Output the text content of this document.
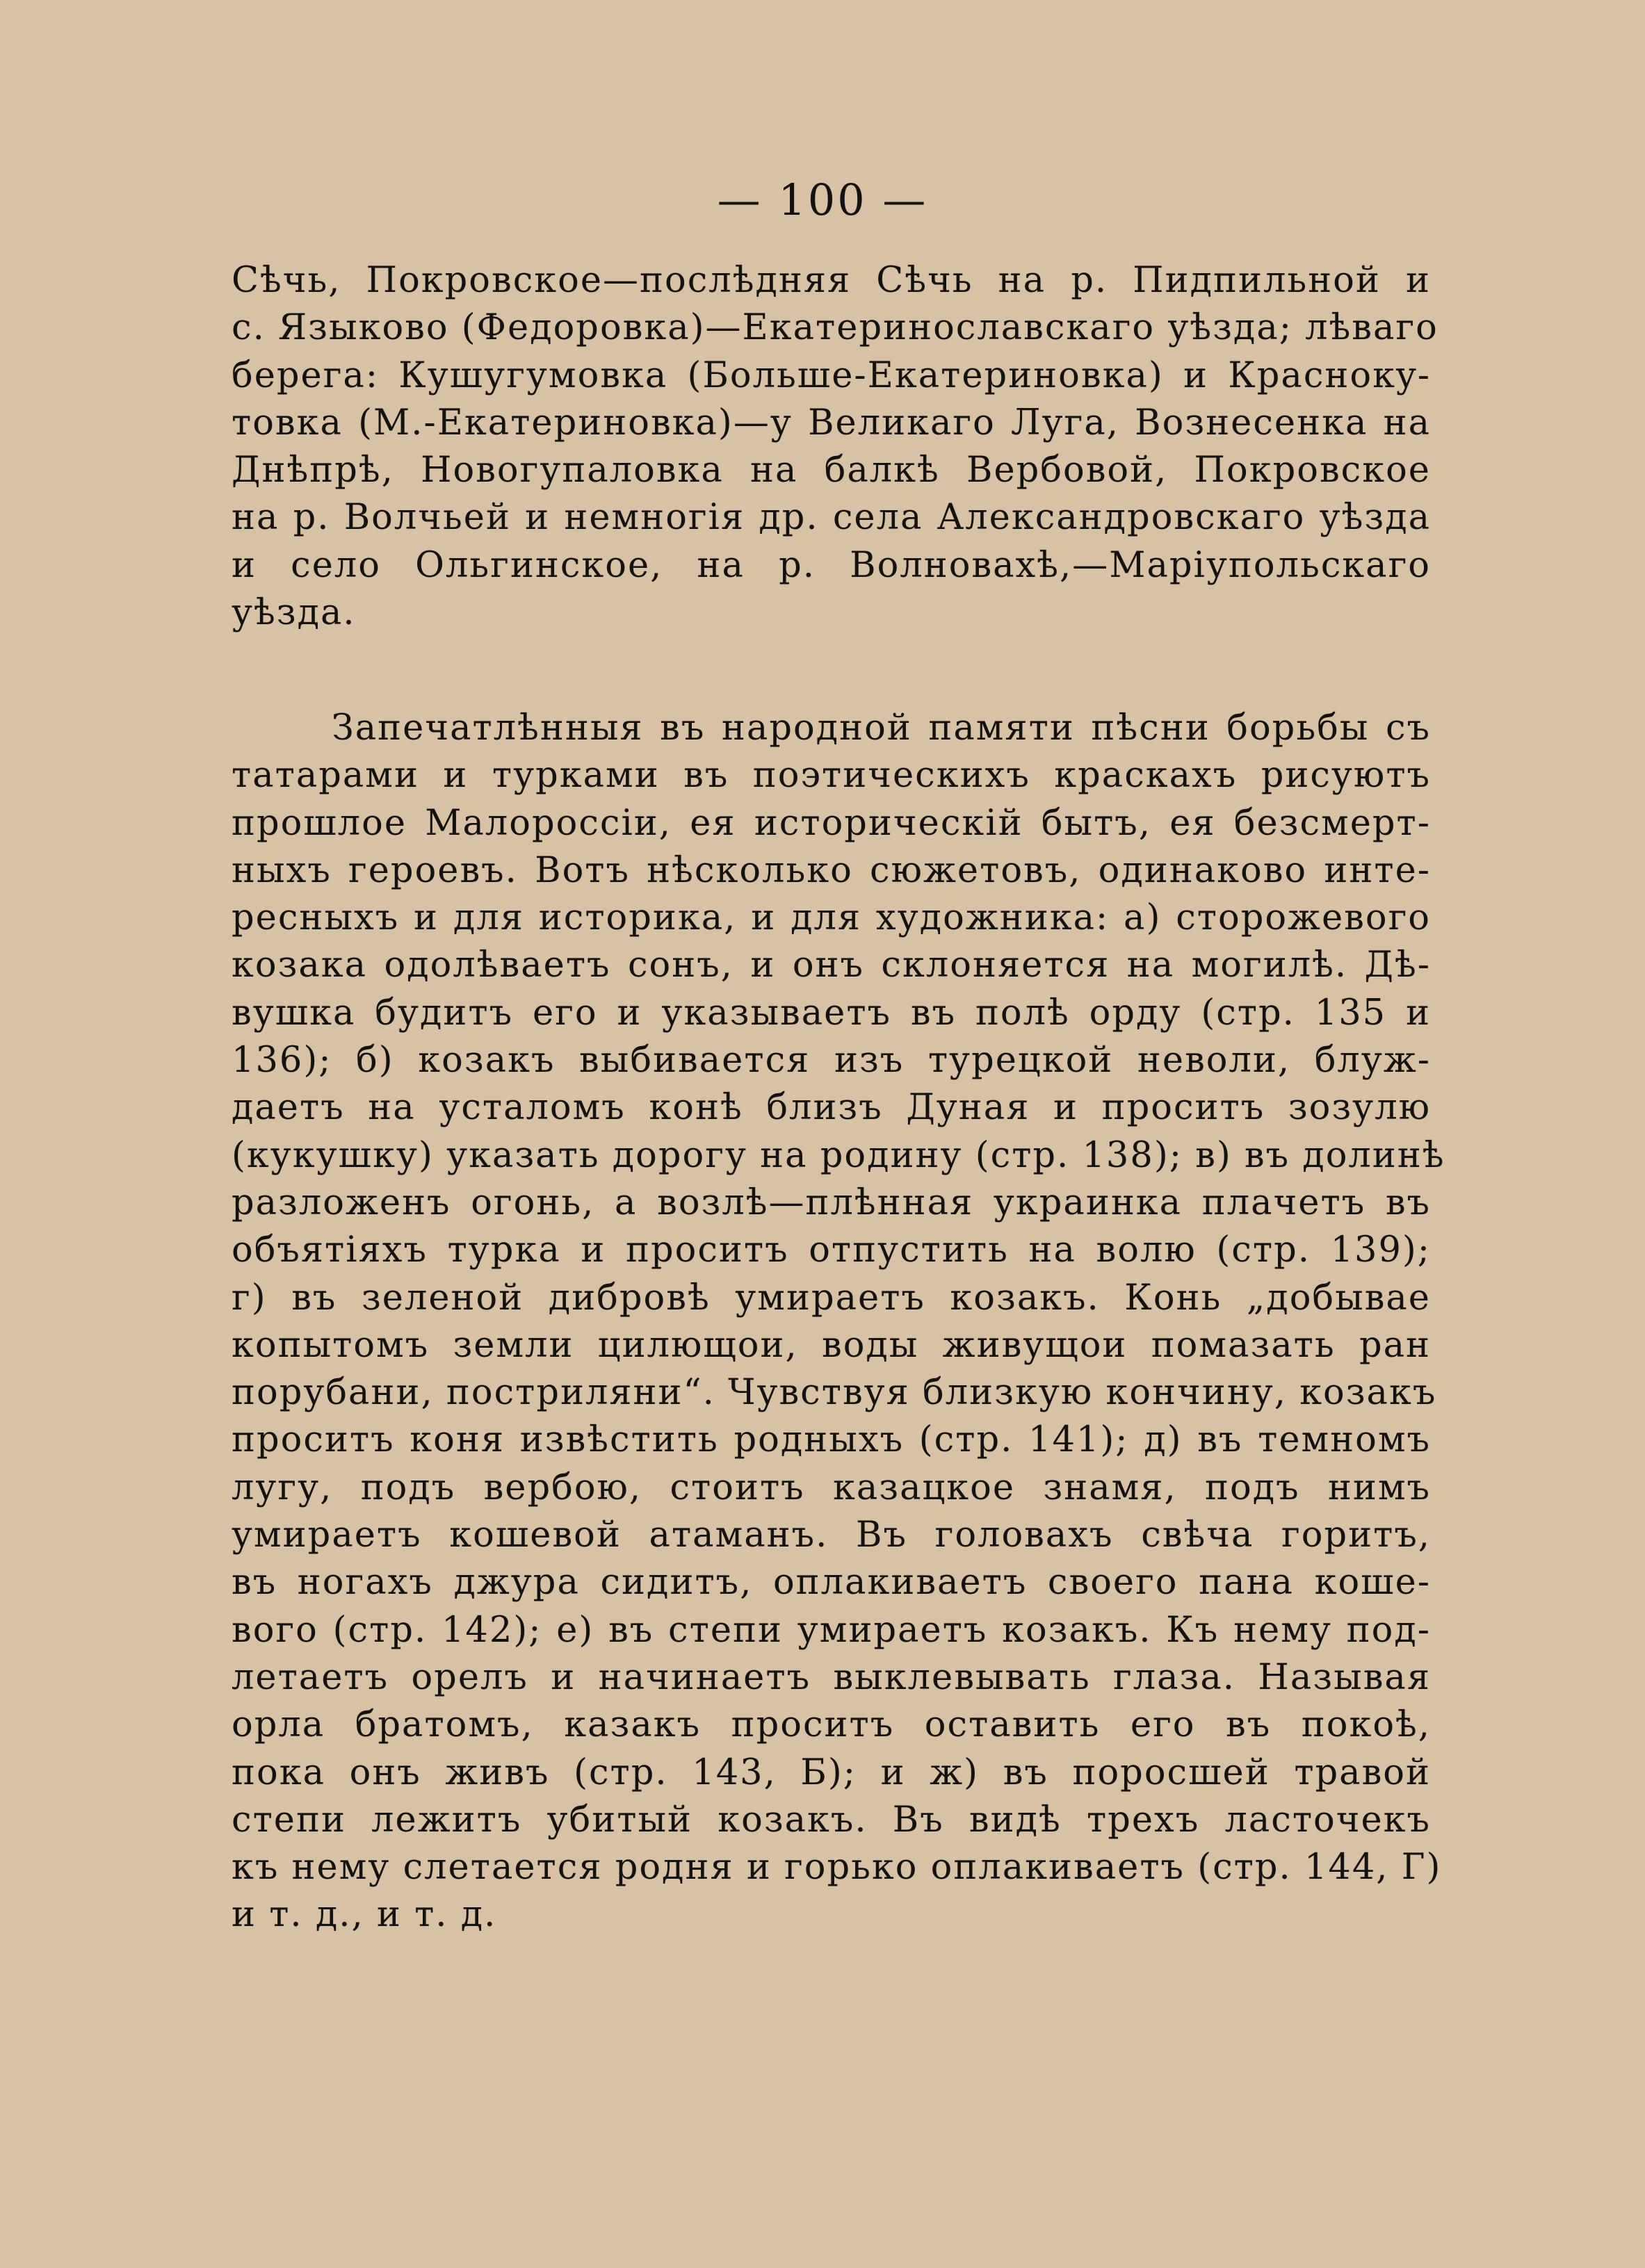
— 100 —
Сѣчь, Покровское—послѣдняя Сѣчь на р. Пидпильной и
с. Языково (Федоровка)—Екатеринославскаго уѣзда; лѣваго
берега: Кушугумовка (Больше-Екатериновка) и Краснокy-
товка (М.-Екатериновка)—у Великаго Луга, Вознесенка на
Днѣпрѣ, Новогупаловка на балкѣ Вербовой, Покровское
на р. Волчьей и немногія др. села Александровскаго уѣзда
и село Ольгинское, на р. Волновахѣ,—Маріупольскаго
уѣзда.
Запечатлѣнныя въ народной памяти пѣсни борьбы съ
татарами и турками въ поэтическихъ краскахъ рисуютъ
прошлое Малороссіи, ея историческій бытъ, ея безсмерт-
ныхъ героевъ. Вотъ нѣсколько сюжетовъ, одинаково инте-
ресныхъ и для историка, и для художника: а) сторожевого
козака одолѣваетъ сонъ, и онъ склоняется на могилѣ. Дѣ-
вушка будитъ его и указываетъ въ полѣ орду (стр. 135 и
136); б) козакъ выбивается изъ турецкой неволи, блуж-
даетъ на усталомъ конѣ близъ Дуная и проситъ зозулю
(кукушку) указать дорогу на родину (стр. 138); в) въ долинѣ
разложенъ огонь, а возлѣ—плѣнная украинка плачетъ въ
объятіяхъ турка и проситъ отпустить на волю (стр. 139);
г) въ зеленой дибровѣ умираетъ козакъ. Конь „добывае
копытомъ земли цилющои, воды живущои помазать ран
порубани, постриляни“. Чувствуя близкую кончину, козакъ
проситъ коня извѣстить родныхъ (стр. 141); д) въ темномъ
лугу, подъ вербою, стоитъ казацкое знамя, подъ нимъ
умираетъ кошевой атаманъ. Въ головахъ свѣча горитъ,
въ ногахъ джура сидитъ, оплакиваетъ своего пана коше-
вого (стр. 142); е) въ степи умираетъ козакъ. Къ нему под-
летаетъ орелъ и начинаетъ выклевывать глаза. Называя
орла братомъ, казакъ проситъ оставить его въ покоѣ,
пока онъ живъ (стр. 143, Б); и ж) въ поросшей травой
степи лежитъ убитый козакъ. Въ видѣ трехъ ласточекъ
къ нему слетается родня и горько оплакиваетъ (стр. 144, Г)
и т. д., и т. д.
